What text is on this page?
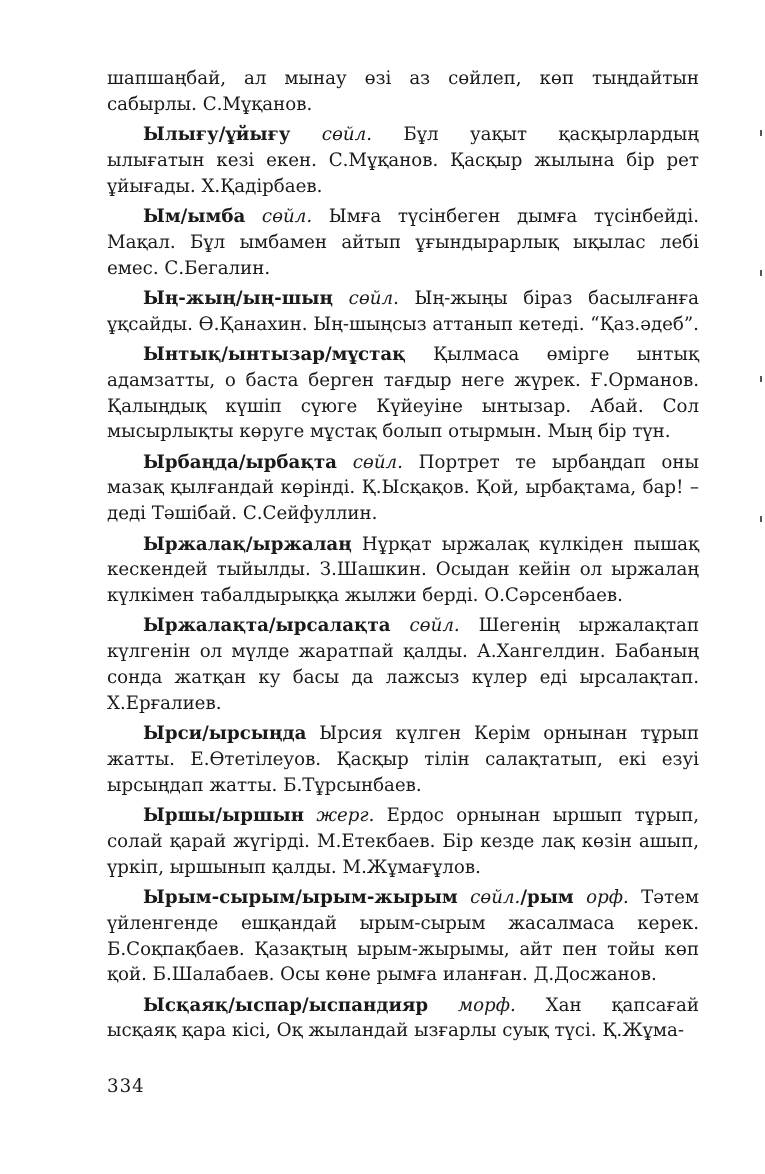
шапшаңбай, ал мынау өзі аз сөйлеп, көп тыңдайтын сабырлы. С.Мұқанов.

Ылығу/ұйығу сөйл. Бұл уақыт қасқырлардың ылығатын кезі екен. С.Мұқанов. Қасқыр жылына бір рет ұйығады. Х.Қадірбаев.

Ым/ымба сөйл. Ымға түсінбеген дымға түсінбейді. Мақал. Бұл ымбамен айтып ұғындырарлық ықылас лебі емес. С.Бегалин.

Ың-жың/ың-шың сөйл. Ың-жыңы біраз басылғанға ұқсайды. Ө.Қанахин. Ың-шыңсыз аттанып кетеді. “Қаз.әдеб”.

Ынтық/ынтызар/мұстақ Қылмаса өмірге ынтық адамзатты, о баста берген тағдыр неге жүрек. Ғ.Орманов. Қалыңдық күшіп сүюге Күйеуіне ынтызар. Абай. Сол мысырлықты көруге мұстақ болып отырмын. Мың бір түн.

Ырбаңда/ырбақта сөйл. Портрет те ырбаңдап оны мазақ қылғандай көрінді. Қ.Ысқақов. Қой, ырбақтама, бар! – деді Тәшібай. С.Сейфуллин.

Ыржалақ/ыржалаң Нұрқат ыржалақ күлкіден пышақ кескендей тыйылды. З.Шашкин. Осыдан кейін ол ыржалаң күлкімен табалдырыққа жылжи берді. О.Сәрсенбаев.

Ыржалақта/ырсалақта сөйл. Шегенің ыржалақтап күлгенін ол мүлде жаратпай қалды. А.Хангелдин. Бабаның сонда жатқан ку басы да лажсыз күлер еді ырсалақтап. Х.Ерғалиев.

Ырси/ырсыңда Ырсия күлген Керім орнынан тұрып жатты. Е.Өтетілеуов. Қасқыр тілін салақтатып, екі езуі ырсыңдап жатты. Б.Тұрсынбаев.

Ыршы/ыршын жерг. Ердос орнынан ыршып тұрып, солай қарай жүгірді. М.Етекбаев. Бір кезде лақ көзін ашып, үркіп, ыршынып қалды. М.Жұмағұлов.

Ырым-сырым/ырым-жырым сөйл./рым орф. Тәтем үйленгенде ешқандай ырым-сырым жасалмаса керек. Б.Соқпақбаев. Қазақтың ырым-жырымы, айт пен тойы көп қой. Б.Шалабаев. Осы көне рымға иланған. Д.Досжанов.

Ысқаяқ/ыспар/ыспандияр морф. Хан қапсағай ысқаяқ қара кісі, Оқ жыландай ызғарлы суық түсі. Қ.Жұма-

334
